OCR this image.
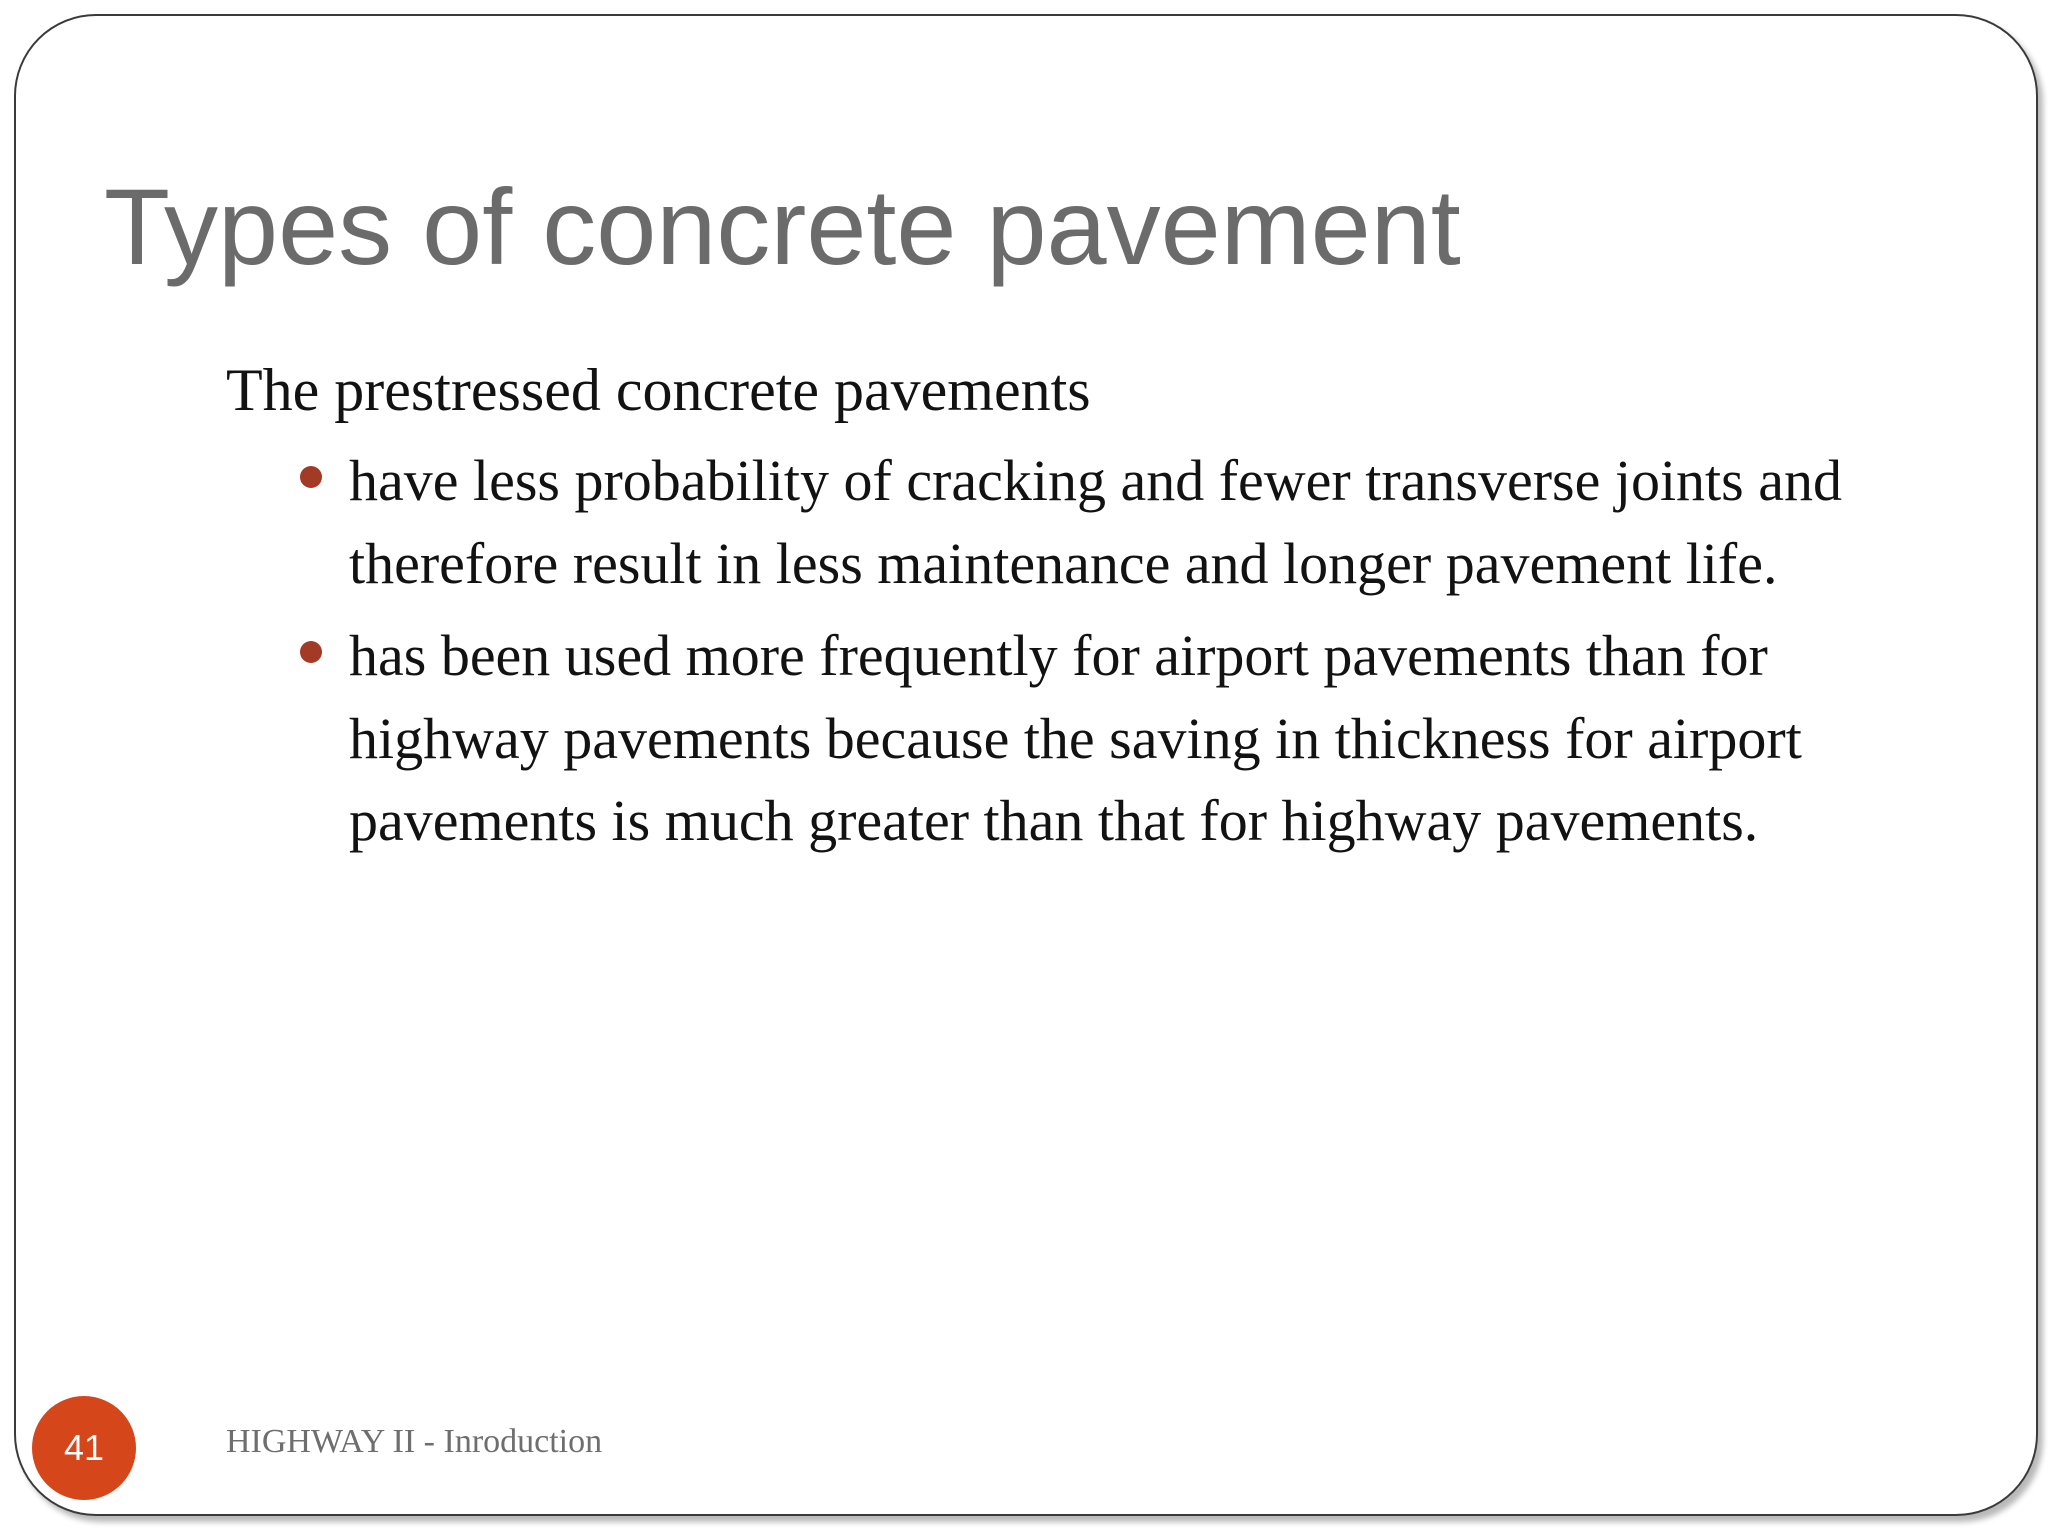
Types of concrete pavement

The prestressed concrete pavements

have less probability of cracking and fewer transverse joints and therefore result in less maintenance and longer pavement life.
has been used more frequently for airport pavements than for highway pavements because the saving in thickness for airport pavements is much greater than that for highway pavements.
41	HIGHWAY II - Inroduction
